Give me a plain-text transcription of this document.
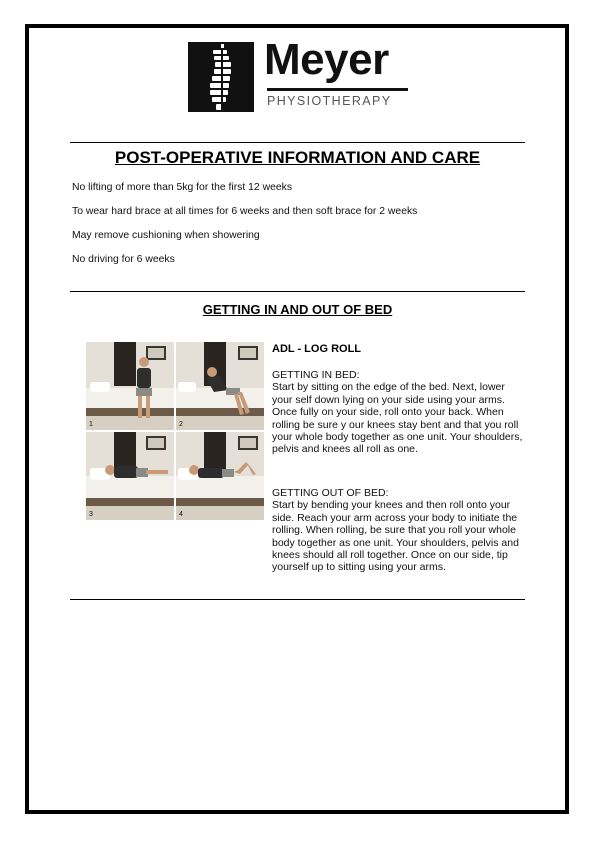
Meyer
PHYSIOTHERAPY
POST-OPERATIVE INFORMATION AND CARE
No lifting of more than 5kg for the first 12 weeks
To wear hard brace at all times for 6 weeks and then soft brace for 2 weeks
May remove cushioning when showering
No driving for 6 weeks
GETTING IN AND OUT OF BED
1	2
3	4
ADL - LOG ROLL

GETTING IN BED:

Start by sitting on the edge of the bed. Next, lower your self down lying on your side using your arms. Once fully on your side, roll onto your back. When rolling be sure y our knees stay bent and that you roll your whole body together as one unit. Your shoulders, pelvis and knees all roll as one.

GETTING OUT OF BED:

Start by bending your knees and then roll onto your side. Reach your arm across your body to initiate the rolling. When rolling, be sure that you roll your whole body together as one unit. Your shoulders, pelvis and knees should all roll together. Once on our side, tip yourself up to sitting using your arms.
